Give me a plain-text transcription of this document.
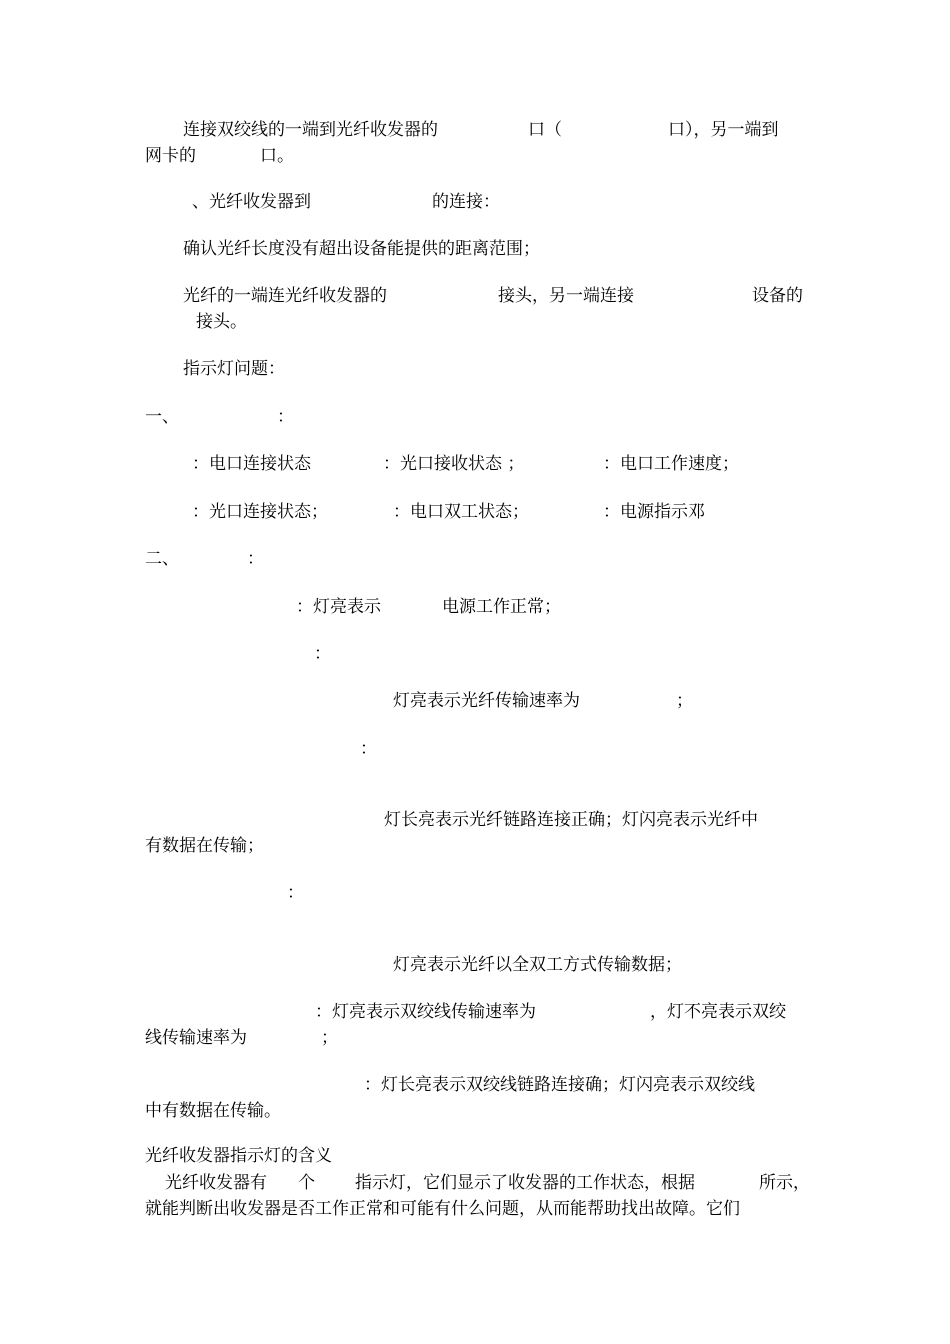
连接双绞线的一端到光纤收发器的	口（	口），另一端到
网卡的	口。
、光纤收发器到	的连接：
确认光纤长度没有超出设备能提供的距离范围；
光纤的一端连光纤收发器的	接头，另一端连接	设备的
接头。
指示灯问题：
一、	：
：电口连接状态	：光口接收状态 ；	：电口工作速度；
：光口连接状态；	：电口双工状态；	：电源指示邓
二、	：
：灯亮表示	电源工作正常；
：
灯亮表示光纤传输速率为	；
：
灯长亮表示光纤链路连接正确；灯闪亮表示光纤中
有数据在传输；
：
灯亮表示光纤以全双工方式传输数据；
：灯亮表示双绞线传输速率为	，灯不亮表示双绞
线传输速率为	；
：灯长亮表示双绞线链路连接确；灯闪亮表示双绞线
中有数据在传输。
光纤收发器指示灯的含义
光纤收发器有 个 指示灯，它们显示了收发器的工作状态，根据	所示，
就能判断出收发器是否工作正常和可能有什么问题，从而能帮助找出故障。它们
